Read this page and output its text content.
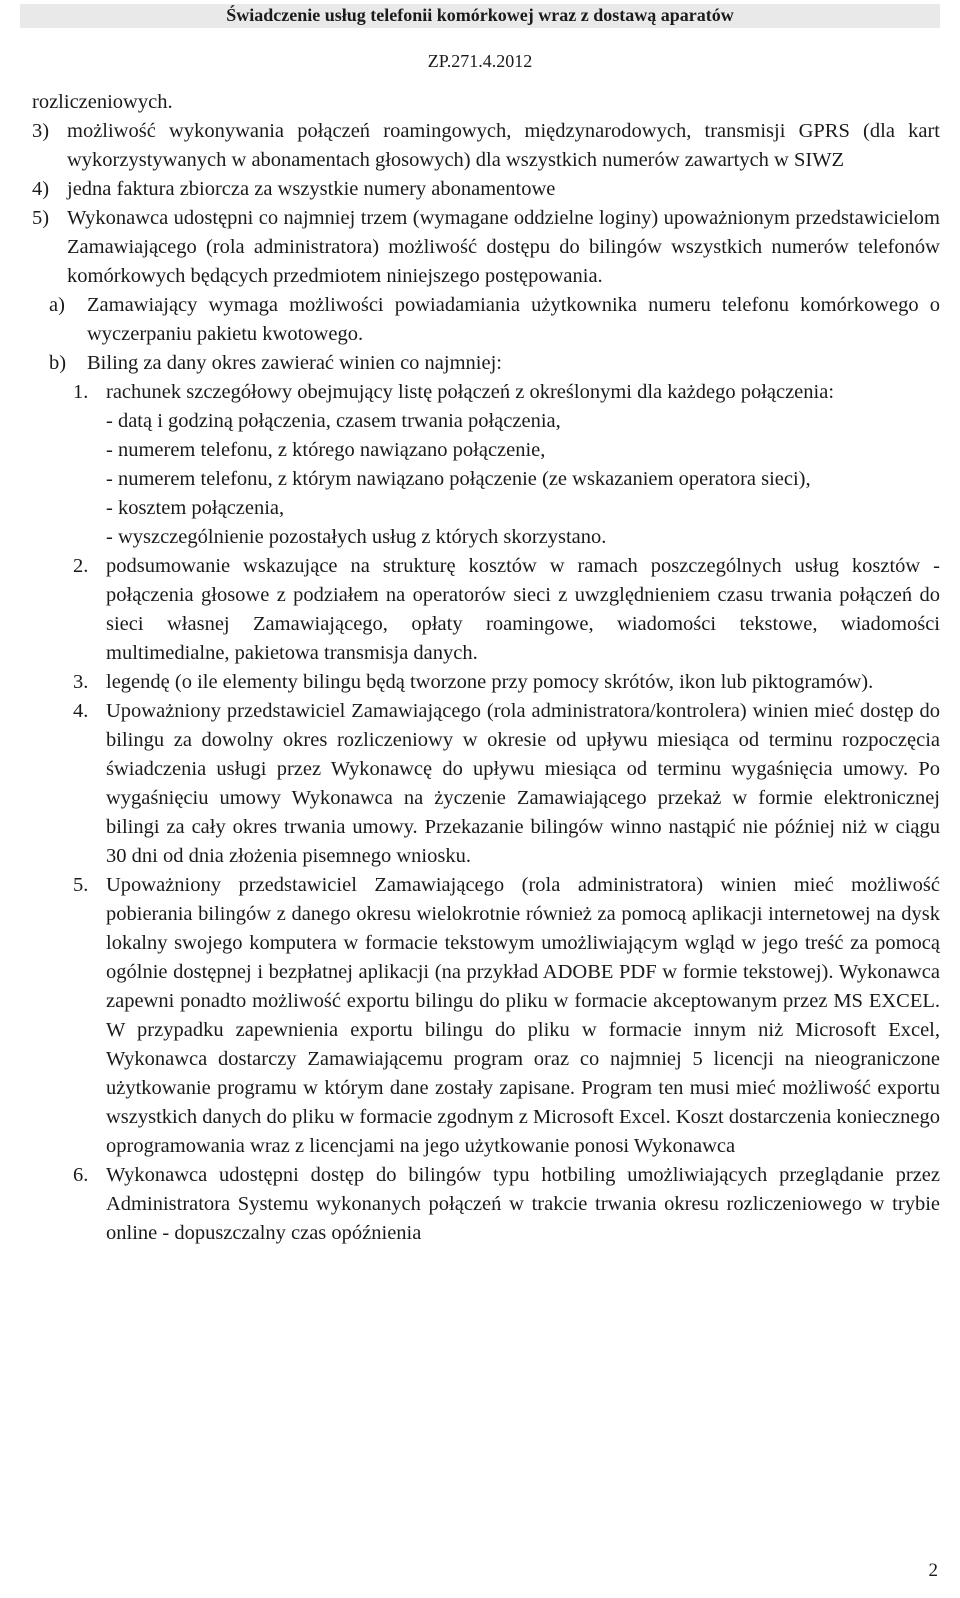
Świadczenie usług telefonii komórkowej wraz z dostawą aparatów
ZP.271.4.2012
rozliczeniowych.
3) możliwość wykonywania połączeń roamingowych, międzynarodowych, transmisji GPRS (dla kart wykorzystywanych w abonamentach głosowych) dla wszystkich numerów zawartych w SIWZ
4) jedna faktura zbiorcza za wszystkie numery abonamentowe
5) Wykonawca udostępni co najmniej trzem (wymagane oddzielne loginy) upoważnionym przedstawicielom Zamawiającego (rola administratora) możliwość dostępu do bilingów wszystkich numerów telefonów komórkowych będących przedmiotem niniejszego postępowania.
a) Zamawiający wymaga możliwości powiadamiania użytkownika numeru telefonu komórkowego o wyczerpaniu pakietu kwotowego.
b) Biling za dany okres zawierać winien co najmniej:
1. rachunek szczegółowy obejmujący listę połączeń z określonymi dla każdego połączenia:
- datą i godziną połączenia, czasem trwania połączenia,
- numerem telefonu, z którego nawiązano połączenie,
- numerem telefonu, z którym nawiązano połączenie (ze wskazaniem operatora sieci),
- kosztem połączenia,
- wyszczególnienie pozostałych usług z których skorzystano.
2. podsumowanie wskazujące na strukturę kosztów w ramach poszczególnych usług kosztów - połączenia głosowe z podziałem na operatorów sieci z uwzględnieniem czasu trwania połączeń do sieci własnej Zamawiającego, opłaty roamingowe, wiadomości tekstowe, wiadomości multimedialne, pakietowa transmisja danych.
3. legendę (o ile elementy bilingu będą tworzone przy pomocy skrótów, ikon lub piktogramów).
4. Upoważniony przedstawiciel Zamawiającego (rola administratora/kontrolera) winien mieć dostęp do bilingu za dowolny okres rozliczeniowy w okresie od upływu miesiąca od terminu rozpoczęcia świadczenia usługi przez Wykonawcę do upływu miesiąca od terminu wygaśnięcia umowy. Po wygaśnięciu umowy Wykonawca na życzenie Zamawiającego przekaż w formie elektronicznej bilingi za cały okres trwania umowy. Przekazanie bilingów winno nastąpić nie później niż w ciągu 30 dni od dnia złożenia pisemnego wniosku.
5. Upoważniony przedstawiciel Zamawiającego (rola administratora) winien mieć możliwość pobierania bilingów z danego okresu wielokrotnie również za pomocą aplikacji internetowej na dysk lokalny swojego komputera w formacie tekstowym umożliwiającym wgląd w jego treść za pomocą ogólnie dostępnej i bezpłatnej aplikacji (na przykład ADOBE PDF w formie tekstowej). Wykonawca zapewni ponadto możliwość exportu bilingu do pliku w formacie akceptowanym przez MS EXCEL. W przypadku zapewnienia exportu bilingu do pliku w formacie innym niż Microsoft Excel, Wykonawca dostarczy Zamawiającemu program oraz co najmniej 5 licencji na nieograniczone użytkowanie programu w którym dane zostały zapisane. Program ten musi mieć możliwość exportu wszystkich danych do pliku w formacie zgodnym z Microsoft Excel. Koszt dostarczenia koniecznego oprogramowania wraz z licencjami na jego użytkowanie ponosi Wykonawca
6. Wykonawca udostępni dostęp do bilingów typu hotbiling umożliwiających przeglądanie przez Administratora Systemu wykonanych połączeń w trakcie trwania okresu rozliczeniowego w trybie online - dopuszczalny czas opóźnienia
2
